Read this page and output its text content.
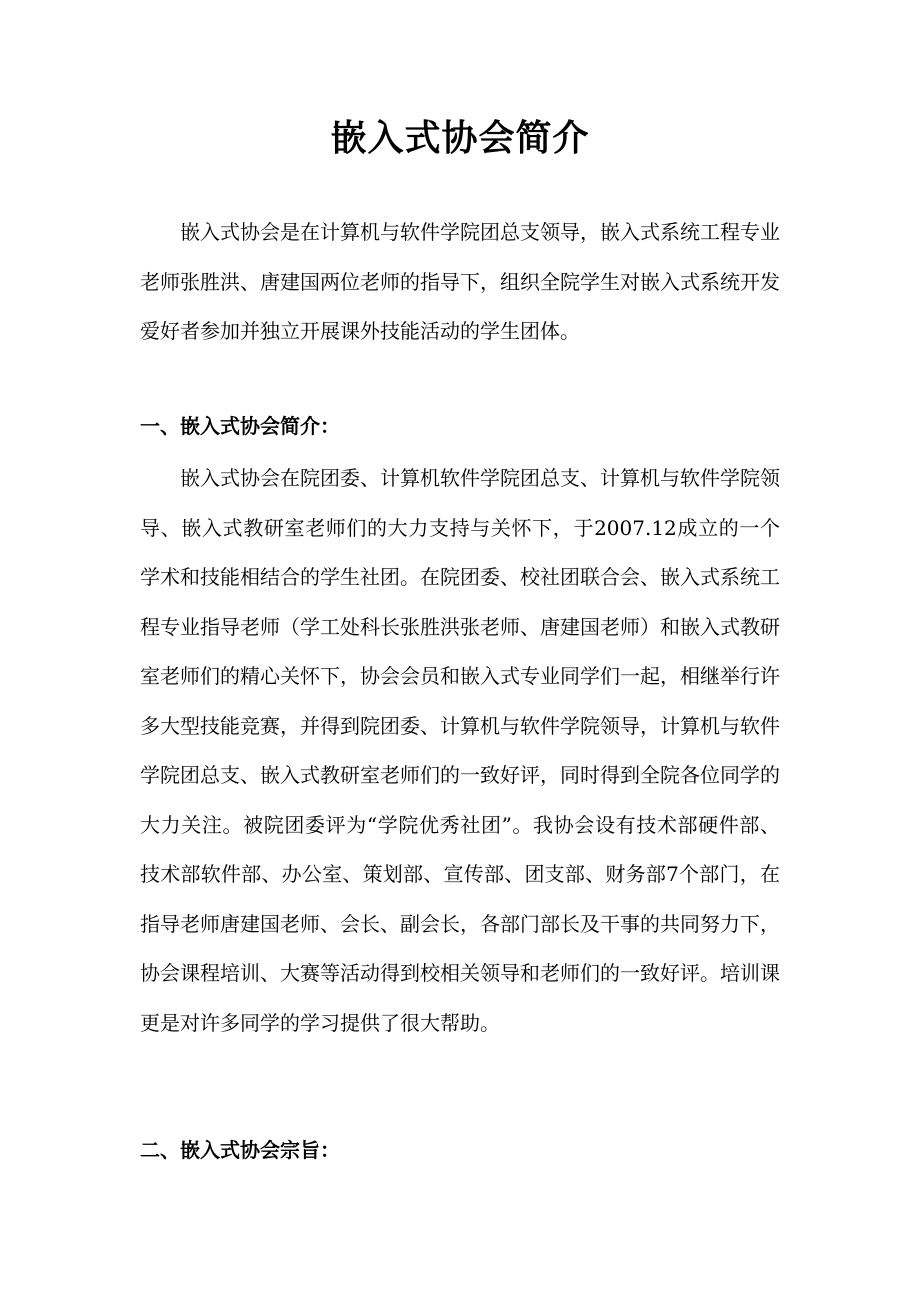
嵌入式协会简介

嵌入式协会是在计算机与软件学院团总支领导，嵌入式系统工程专业老师张胜洪、唐建国两位老师的指导下，组织全院学生对嵌入式系统开发爱好者参加并独立开展课外技能活动的学生团体。

一、嵌入式协会简介：

嵌入式协会在院团委、计算机软件学院团总支、计算机与软件学院领导、嵌入式教研室老师们的大力支持与关怀下，于2007.12成立的一个学术和技能相结合的学生社团。在院团委、校社团联合会、嵌入式系统工程专业指导老师（学工处科长张胜洪张老师、唐建国老师）和嵌入式教研室老师们的精心关怀下，协会会员和嵌入式专业同学们一起，相继举行许多大型技能竞赛，并得到院团委、计算机与软件学院领导，计算机与软件学院团总支、嵌入式教研室老师们的一致好评，同时得到全院各位同学的大力关注。被院团委评为“学院优秀社团”。我协会设有技术部硬件部、技术部软件部、办公室、策划部、宣传部、团支部、财务部7个部门，在指导老师唐建国老师、会长、副会长，各部门部长及干事的共同努力下，协会课程培训、大赛等活动得到校相关领导和老师们的一致好评。培训课更是对许多同学的学习提供了很大帮助。

二、嵌入式协会宗旨：
